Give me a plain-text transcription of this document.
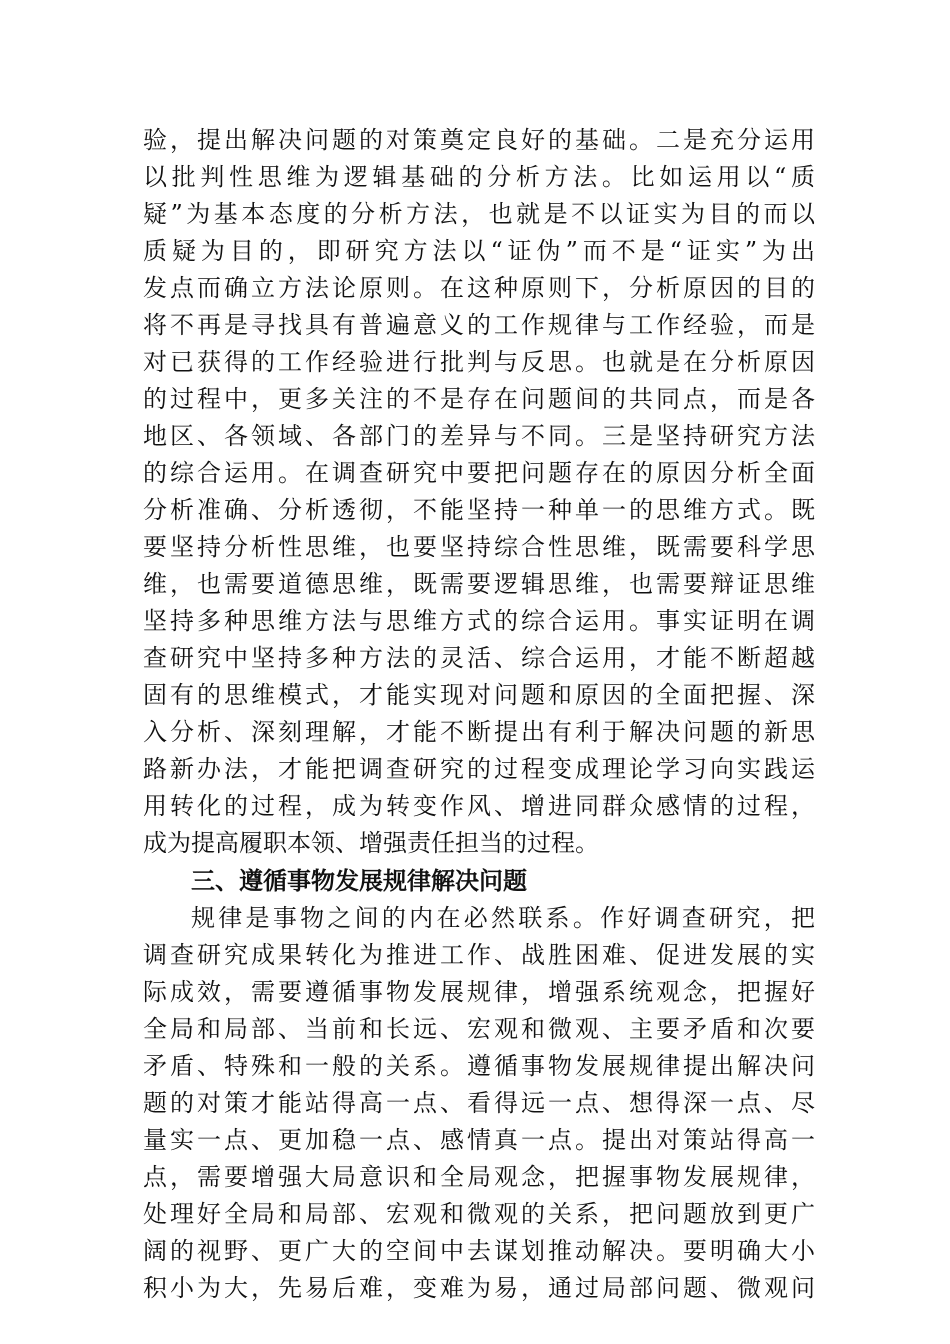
验，提出解决问题的对策奠定良好的基础。二是充分运用
以批判性思维为逻辑基础的分析方法。比如运用以“质
疑”为基本态度的分析方法，也就是不以证实为目的而以
质疑为目的，即研究方法以“证伪”而不是“证实”为出
发点而确立方法论原则。在这种原则下，分析原因的目的
将不再是寻找具有普遍意义的工作规律与工作经验，而是
对已获得的工作经验进行批判与反思。也就是在分析原因
的过程中，更多关注的不是存在问题间的共同点，而是各
地区、各领域、各部门的差异与不同。三是坚持研究方法
的综合运用。在调查研究中要把问题存在的原因分析全面
分析准确、分析透彻，不能坚持一种单一的思维方式。既
要坚持分析性思维，也要坚持综合性思维，既需要科学思
维，也需要道德思维，既需要逻辑思维，也需要辩证思维
坚持多种思维方法与思维方式的综合运用。事实证明在调
查研究中坚持多种方法的灵活、综合运用，才能不断超越
固有的思维模式，才能实现对问题和原因的全面把握、深
入分析、深刻理解，才能不断提出有利于解决问题的新思
路新办法，才能把调查研究的过程变成理论学习向实践运
用转化的过程，成为转变作风、增进同群众感情的过程，
成为提高履职本领、增强责任担当的过程。
三、遵循事物发展规律解决问题
规律是事物之间的内在必然联系。作好调查研究，把
调查研究成果转化为推进工作、战胜困难、促进发展的实
际成效，需要遵循事物发展规律，增强系统观念，把握好
全局和局部、当前和长远、宏观和微观、主要矛盾和次要
矛盾、特殊和一般的关系。遵循事物发展规律提出解决问
题的对策才能站得高一点、看得远一点、想得深一点、尽
量实一点、更加稳一点、感情真一点。提出对策站得高一
点，需要增强大局意识和全局观念，把握事物发展规律，
处理好全局和局部、宏观和微观的关系，把问题放到更广
阔的视野、更广大的空间中去谋划推动解决。要明确大小
积小为大，先易后难，变难为易，通过局部问题、微观问
